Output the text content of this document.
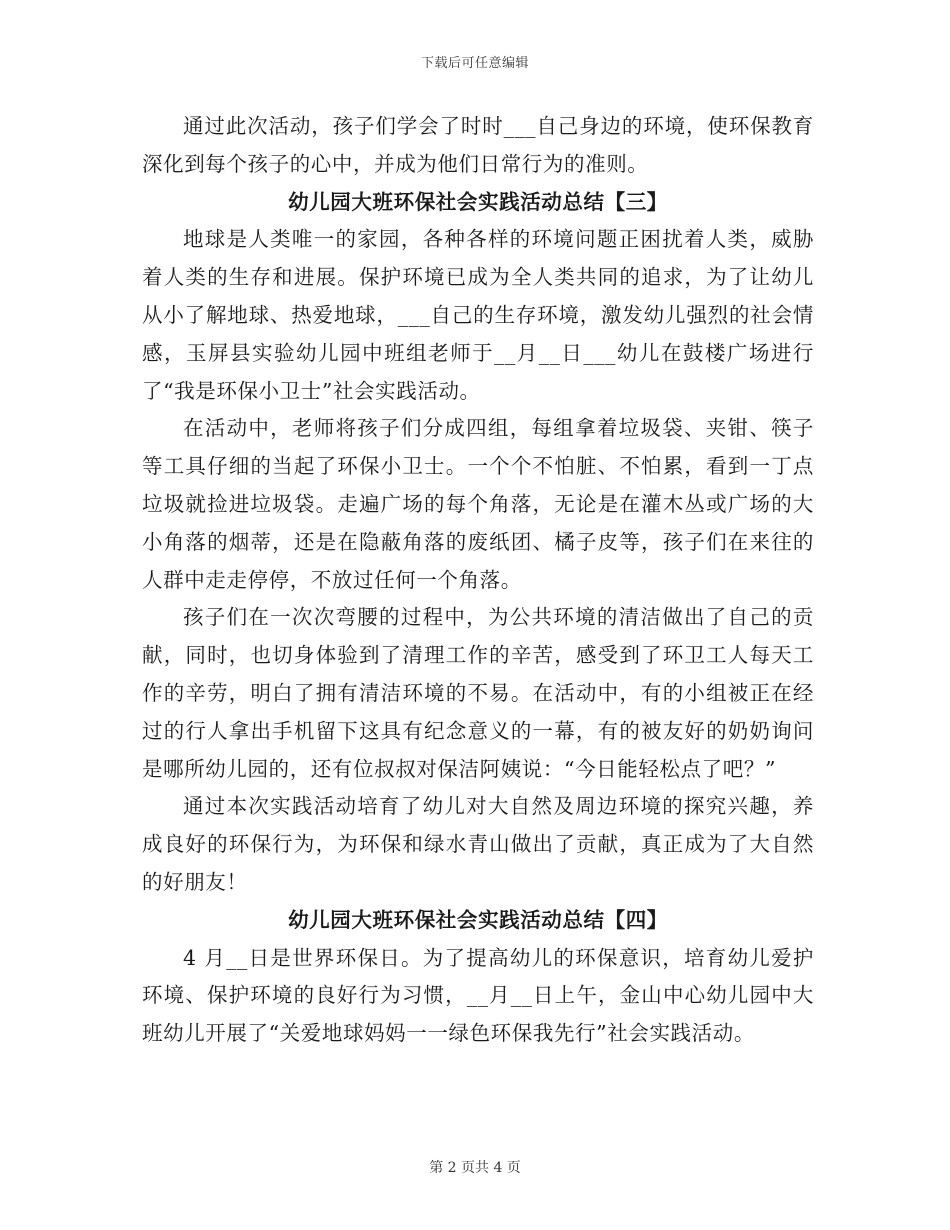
下载后可任意编辑

通过此次活动，孩子们学会了时时___自己身边的环境，使环保教育深化到每个孩子的心中，并成为他们日常行为的准则。

幼儿园大班环保社会实践活动总结【三】

地球是人类唯一的家园，各种各样的环境问题正困扰着人类，威胁着人类的生存和进展。保护环境已成为全人类共同的追求，为了让幼儿从小了解地球、热爱地球，___自己的生存环境，激发幼儿强烈的社会情感，玉屏县实验幼儿园中班组老师于__月__日___幼儿在鼓楼广场进行了“我是环保小卫士”社会实践活动。

在活动中，老师将孩子们分成四组，每组拿着垃圾袋、夹钳、筷子等工具仔细的当起了环保小卫士。一个个不怕脏、不怕累，看到一丁点垃圾就捡进垃圾袋。走遍广场的每个角落，无论是在灌木丛或广场的大小角落的烟蒂，还是在隐蔽角落的废纸团、橘子皮等，孩子们在来往的人群中走走停停，不放过任何一个角落。

孩子们在一次次弯腰的过程中，为公共环境的清洁做出了自己的贡献，同时，也切身体验到了清理工作的辛苦，感受到了环卫工人每天工作的辛劳，明白了拥有清洁环境的不易。在活动中，有的小组被正在经过的行人拿出手机留下这具有纪念意义的一幕，有的被友好的奶奶询问是哪所幼儿园的，还有位叔叔对保洁阿姨说：“今日能轻松点了吧？”

通过本次实践活动培育了幼儿对大自然及周边环境的探究兴趣，养成良好的环保行为，为环保和绿水青山做出了贡献，真正成为了大自然的好朋友！

幼儿园大班环保社会实践活动总结【四】

4 月__日是世界环保日。为了提高幼儿的环保意识，培育幼儿爱护环境、保护环境的良好行为习惯，__月__日上午，金山中心幼儿园中大班幼儿开展了“关爱地球妈妈一一绿色环保我先行”社会实践活动。

第 2 页共 4 页
